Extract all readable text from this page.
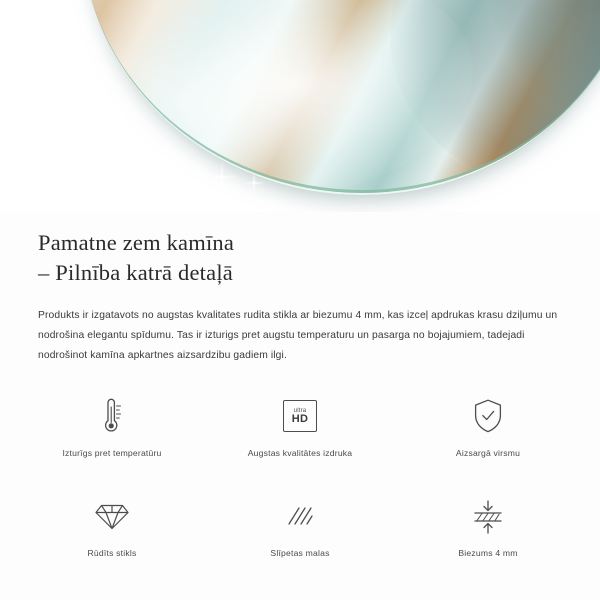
Pamatne zem kamīna
– Pilnība katrā detaļā

Produkts ir izgatavots no augstas kvalitates rudita stikla ar biezumu 4 mm, kas izceļ apdrukas krasu dziļumu un nodrošina elegantu spīdumu. Tas ir izturigs pret augstu temperaturu un pasarga no bojajumiem, tadejadi nodrošinot kamīna apkartnes aizsardzibu gadiem ilgi.

Izturīgs pret temperatūru
ultra
HD
Augstas kvalitātes izdruka	Aizsargā virsmu
Rūdīts stikls	Slīpetas malas	Biezums 4 mm
